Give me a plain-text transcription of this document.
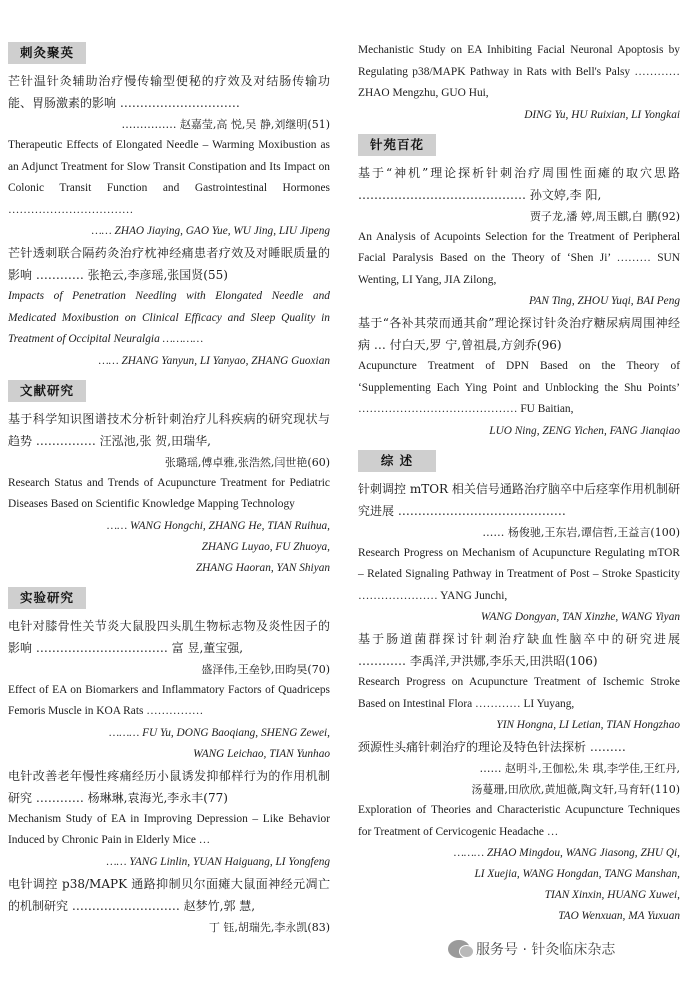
刺灸聚英

芒针温针灸辅助治疗慢传输型便秘的疗效及对结肠传输功能、胃肠激素的影响 …………………………

…………… 赵嘉莹,高 悦,吴 静,刘继明(51)

Therapeutic Effects of Elongated Needle – Warming Moxibustion as an Adjunct Treatment for Slow Transit Constipation and Its Impact on Colonic Transit Function and Gastrointestinal Hormones ……………………………

…… ZHAO Jiaying, GAO Yue, WU Jing, LIU Jipeng

芒针透刺联合隔药灸治疗枕神经痛患者疗效及对睡眠质量的影响 ………… 张艳云,李彦瑶,张国贤(55)

Impacts of Penetration Needling with Elongated Needle and Medicated Moxibustion on Clinical Efficacy and Sleep Quality in Treatment of Occipital Neuralgia …………

…… ZHANG Yanyun, LI Yanyao, ZHANG Guoxian

文献研究

基于科学知识图谱技术分析针刺治疗儿科疾病的研究现状与趋势 …………… 汪泓池,张 贺,田瑞华,

张璐瑶,傅卓雅,张浩然,闫世艳(60)

Research Status and Trends of Acupuncture Treatment for Pediatric Diseases Based on Scientific Knowledge Mapping Technology

…… WANG Hongchi, ZHANG He, TIAN Ruihua,

ZHANG Luyao, FU Zhuoya,

ZHANG Haoran, YAN Shiyan

实验研究

电针对膝骨性关节炎大鼠股四头肌生物标志物及炎性因子的影响 …………………………… 富 昱,董宝强,

盛泽伟,王垒钞,田昀昊(70)

Effect of EA on Biomarkers and Inflammatory Factors of Quadriceps Femoris Muscle in KOA Rats ……………

……… FU Yu, DONG Baoqiang, SHENG Zewei,

WANG Leichao, TIAN Yunhao

电针改善老年慢性疼痛经历小鼠诱发抑郁样行为的作用机制研究 ………… 杨琳琳,袁海光,李永丰(77)

Mechanism Study of EA in Improving Depression – Like Behavior Induced by Chronic Pain in Elderly Mice …

…… YANG Linlin, YUAN Haiguang, LI Yongfeng

电针调控 p38/MAPK 通路抑制贝尔面瘫大鼠面神经元凋亡的机制研究 ……………………… 赵梦竹,郭 慧,

丁 钰,胡瑞先,李永凯(83)

Mechanistic Study on EA Inhibiting Facial Neuronal Apoptosis by Regulating p38/MAPK Pathway in Rats with Bell's Palsy ………… ZHAO Mengzhu, GUO Hui,

DING Yu, HU Ruixian, LI Yongkai

针苑百花

基于“神机”理论探析针刺治疗周围性面瘫的取穴思路 …………………………………… 孙文婷,李 阳,

贾子龙,潘 婷,周玉麒,白 鹏(92)

An Analysis of Acupoints Selection for the Treatment of Peripheral Facial Paralysis Based on the Theory of ‘Shen Ji’ ……… SUN Wenting, LI Yang, JIA Zilong,

PAN Ting, ZHOU Yuqi, BAI Peng

基于“各补其荥而通其俞”理论探讨针灸治疗糖尿病周围神经病 … 付白天,罗 宁,曾祖晨,方剑乔(96)

Acupuncture Treatment of DPN Based on the Theory of ‘Supplementing Each Ying Point and Unblocking the Shu Points’ …………………………………… FU Baitian,

LUO Ning, ZENG Yichen, FANG Jianqiao

综 述

针刺调控 mTOR 相关信号通路治疗脑卒中后痉挛作用机制研究进展 ……………………………………

…… 杨俊驰,王东岩,谭信哲,王益言(100)

Research Progress on Mechanism of Acupuncture Regulating mTOR – Related Signaling Pathway in Treatment of Post – Stroke Spasticity ………………… YANG Junchi,

WANG Dongyan, TAN Xinzhe, WANG Yiyan

基于肠道菌群探讨针刺治疗缺血性脑卒中的研究进展 ………… 李禹洋,尹洪娜,李乐天,田洪昭(106)

Research Progress on Acupuncture Treatment of Ischemic Stroke Based on Intestinal Flora ………… LI Yuyang,

YIN Hongna, LI Letian, TIAN Hongzhao

颈源性头痛针刺治疗的理论及特色针法探析 ………

…… 赵明斗,王伽松,朱 琪,李学佳,王红丹,

汤蔓珊,田欣欣,黄旭薇,陶文轩,马育轩(110)

Exploration of Theories and Characteristic Acupuncture Techniques for Treatment of Cervicogenic Headache …

……… ZHAO Mingdou, WANG Jiasong, ZHU Qi,

LI Xuejia, WANG Hongdan, TANG Manshan,

TIAN Xinxin, HUANG Xuwei,

TAO Wenxuan, MA Yuxuan

服务号 · 针灸临床杂志
